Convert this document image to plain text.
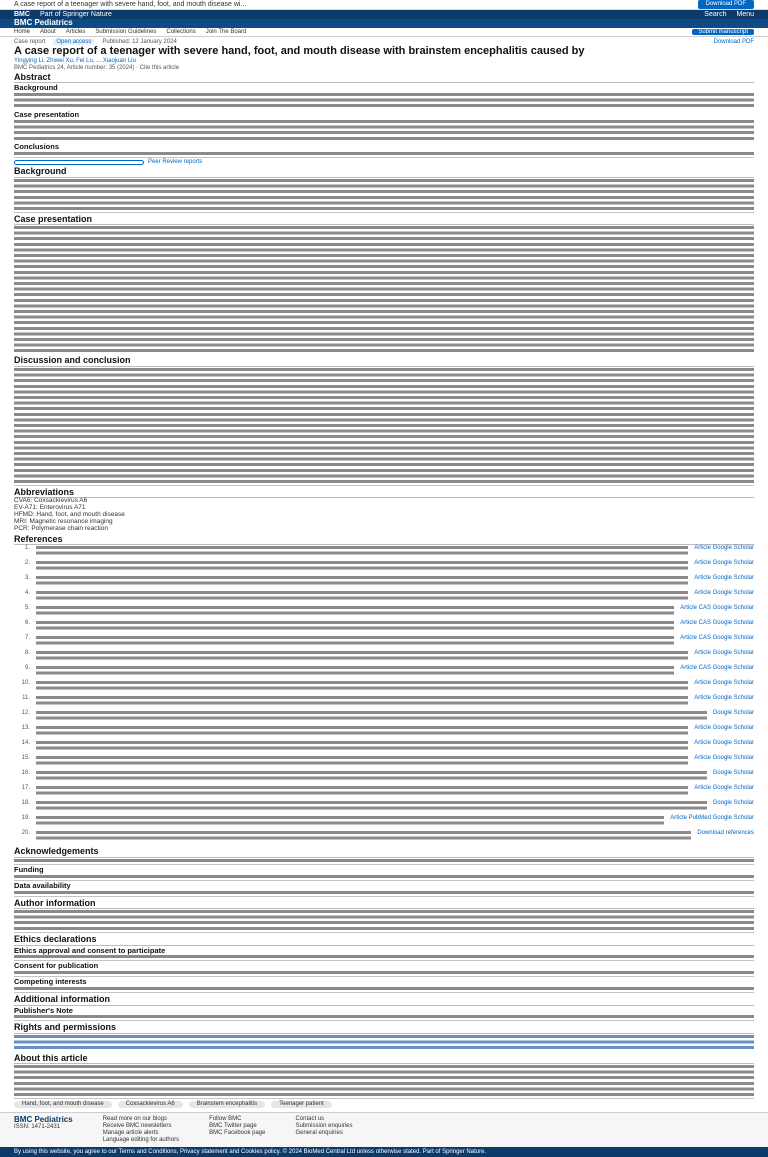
A case report of a teenager with severe hand, foot, and mouth disease wi...	Download PDF
BMC Part of Springer Nature	Search Menu
BMC Pediatrics
Home About Articles Submission Guidelines Collections Join The Board	Submit manuscript
Case report	Open access	Published: 12 January 2024	Download PDF
A case report of a teenager with severe hand, foot, and mouth disease with brainstem encephalitis caused by
Yingying Li, Zhiwei Xu, Fei Lu, ... Xiaojuan Liu
BMC Pediatrics 24, Article number: 35 (2024) · Cite this article
Abstract
Background
Case presentation
Conclusions
Peer Review reports
Background
Case presentation
Discussion and conclusion
Abbreviations
CVA6: Coxsackievirus A6
EV-A71: Enterovirus A71
HFMD: Hand, foot, and mouth disease
MRI: Magnetic resonance imaging
PCR: Polymerase chain reaction
References
1.	Article Google Scholar
2.	Article Google Scholar
3.	Article Google Scholar
4.	Article Google Scholar
5.	Article CAS Google Scholar
6.	Article CAS Google Scholar
7.	Article CAS Google Scholar
8.	Article Google Scholar
9.	Article CAS Google Scholar
10.	Article Google Scholar
11.	Article Google Scholar
12.	Google Scholar
13.	Article Google Scholar
14.	Article Google Scholar
15.	Article Google Scholar
16.	Google Scholar
17.	Article Google Scholar
18.	Google Scholar
19.	Article PubMed Google Scholar
20.	Download references
Acknowledgements
Funding
Data availability
Author information
Ethics declarations
Ethics approval and consent to participate
Consent for publication
Competing interests
Additional information
Publisher's Note
Rights and permissions
About this article
Hand, foot, and mouth disease	Coxsackievirus A6	Brainstem encephalitis	Teenager patient
BMC Pediatrics
ISSN: 1471-2431
Read more on our blogs
Receive BMC newsletters
Manage article alerts
Language editing for authors
Follow BMC
BMC Twitter page
BMC Facebook page
Contact us
Submission enquiries
General enquiries
By using this website, you agree to our Terms and Conditions, Privacy statement and Cookies policy. © 2024 BioMed Central Ltd unless otherwise stated. Part of Springer Nature.
